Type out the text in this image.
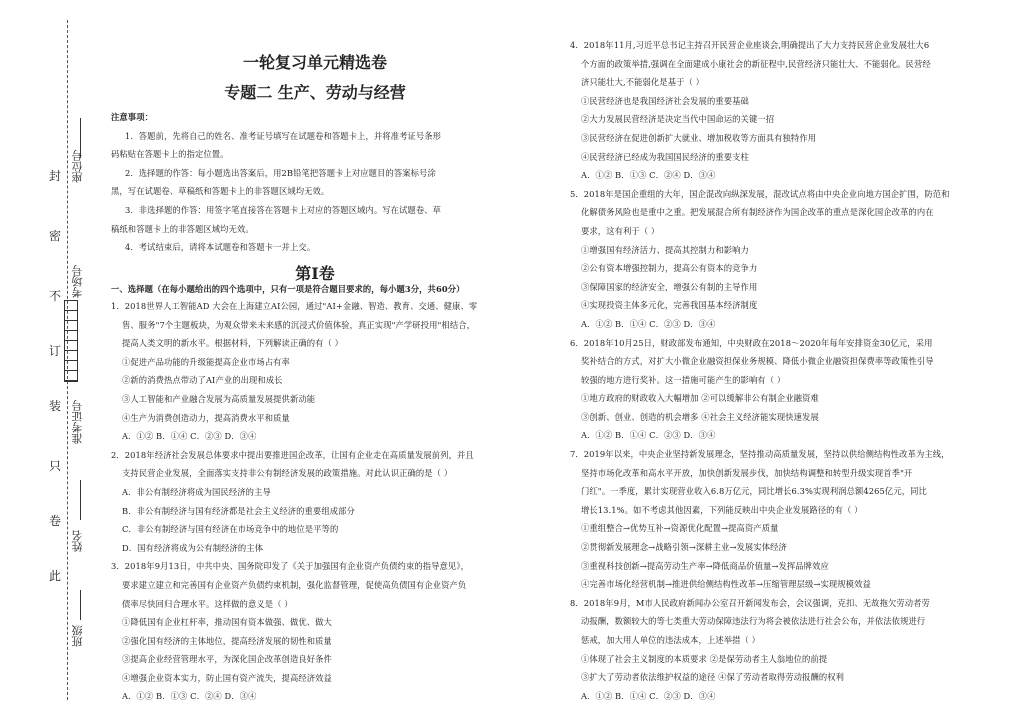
封
密
不
订
装
只
卷
此
座位号
考场号
准考证号
姓名
班级
一轮复习单元精选卷
专题二 生产、劳动与经营

注意事项：

1．答题前，先将自己的姓名、准考证号填写在试题卷和答题卡上，并将准考证号条形

码粘贴在答题卡上的指定位置。

2．选择题的作答：每小题选出答案后，用2B铅笔把答题卡上对应题目的答案标号涂

黑，写在试题卷、草稿纸和答题卡上的非答题区域均无效。

3．非选择题的作答：用签字笔直接答在答题卡上对应的答题区域内。写在试题卷、草

稿纸和答题卡上的非答题区域均无效。

4．考试结束后，请将本试题卷和答题卡一并上交。

第Ⅰ卷

一、选择题（在每小题给出的四个选项中，只有一项是符合题目要求的，每小题3分，共60分）

1．2018世界人工智能AD 大会在上海建立AI公园，通过"AI+金融、智造、教育、交通、健康、零

售、服务"7个主题板块，为观众带来未来感的沉浸式价值体验，真正实现"产学研投用"相结合，

提高人类文明的新水平。根据材料，下列解读正确的有（ ）

①促进产品功能的升级能提高企业市场占有率

②新的消费热点带动了AI产业的出现和成长

③人工智能和产业融合发展为高质量发展提供新动能

④生产为消费创造动力，提高消费水平和质量

A．①② B．①④ C．②③ D．③④

2．2018年经济社会发展总体要求中提出要推进国企改革，让国有企业走在高质量发展前列，并且

支持民营企业发展，全面落实支持非公有制经济发展的政策措施。对此认识正确的是（ ）

A．非公有制经济将成为国民经济的主导

B．非公有制经济与国有经济都是社会主义经济的重要组成部分

C．非公有制经济与国有经济在市场竞争中的地位是平等的

D．国有经济将成为公有制经济的主体

3．2018年9月13日，中共中央、国务院印发了《关于加强国有企业资产负债约束的指导意见》，

要求建立建立和完善国有企业资产负债约束机制，强化监督管理，促使高负债国有企业资产负

债率尽快回归合理水平。这样做的意义是（ ）

①降低国有企业杠杆率，推动国有资本做强、做优、做大

②强化国有经济的主体地位，提高经济发展的韧性和质量

③提高企业经营管理水平，为深化国企改革创造良好条件

④增强企业资本实力，防止国有资产流失，提高经济效益

A．①② B．①③ C．②④ D．③④

4．2018年11月,习近平总书记主持召开民营企业座谈会,明确提出了大力支持民营企业发展壮大6

个方面的政策举措,强调在全面建成小康社会的新征程中,民营经济只能壮大、不能弱化。民营经

济只能壮大,不能弱化是基于（ ）

①民营经济也是我国经济社会发展的重要基础

②大力发展民营经济是决定当代中国命运的关键一招

③民营经济在促进创新扩大就业、增加税收等方面具有独特作用

④民营经济已经成为我国国民经济的重要支柱

A．①② B．①③ C．②④ D．③④

5．2018年是国企重组的大年，国企混改向纵深发展，混改试点将由中央企业向地方国企扩围，防范和

化解债务风险也是重中之重。把发展混合所有制经济作为国企改革的重点是深化国企改革的内在

要求，这有利于（ ）

①增强国有经济活力、提高其控制力和影响力

②公有资本增强控制力，提高公有资本的竞争力

③保障国家的经济安全，增强公有制的主导作用

④实现投资主体多元化，完善我国基本经济制度

A．①② B．①④ C．②③ D．③④

6．2018年10月25日，财政部发布通知，中央财政在2018～2020年每年安排资金30亿元，采用

奖补结合的方式，对扩大小微企业融资担保业务规模、降低小微企业融资担保费率等政策性引导

较强的地方进行奖补。这一措施可能产生的影响有（ ）

①地方政府的财政收入大幅增加 ②可以缓解非公有制企业融资难

③创新、创业、创造的机会增多 ④社会主义经济能实现快速发展

A．①② B．①④ C．②③ D．③④

7．2019年以来，中央企业坚持新发展理念，坚持推动高质量发展，坚持以供给侧结构性改革为主线，

坚持市场化改革和高水平开放，加快创新发展步伐，加快结构调整和转型升级实现首季"开

门红"。一季度，累计实现营业收入6.8万亿元，同比增长6.3%实现利润总额4265亿元，同比

增长13.1%。如不考虑其他因素，下列能反映出中央企业发展路径的有（ ）

①重组整合→优势互补→资源优化配置→提高资产质量

②贯彻新发展理念→战略引领→深耕主业→发展实体经济

③重视科技创新→提高劳动生产率→降低商品价值量→发挥品牌效应

④完善市场化经营机制→推进供给侧结构性改革→压缩管理层级→实现规模效益

8．2018年9月，M市人民政府新闻办公室召开新闻发布会，会议强调，克扣、无故拖欠劳动者劳

动报酬，数额较大的等七类重大劳动保障违法行为将会被依法进行社会公布，并依法依规进行

惩戒，加大用人单位的违法成本，上述举措（ ）

①体现了社会主义制度的本质要求 ②是保劳动者主人翁地位的前提

③扩大了劳动者依法维护权益的途径 ④保了劳动者取得劳动报酬的权利

A．①② B．①④ C．②③ D．③④
